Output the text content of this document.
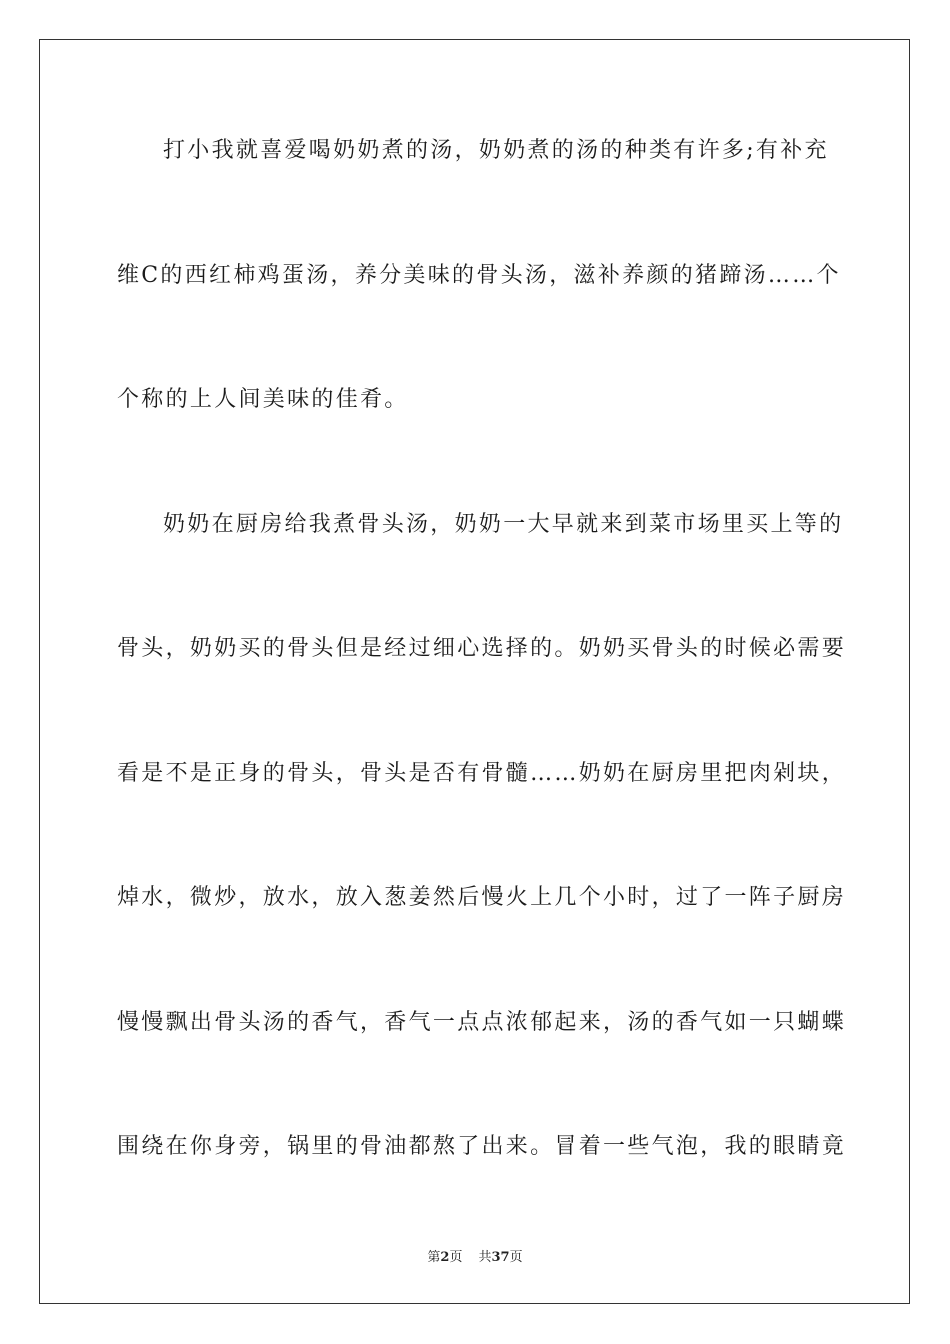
打小我就喜爱喝奶奶煮的汤，奶奶煮的汤的种类有许多;有补充
维C的西红柿鸡蛋汤，养分美味的骨头汤，滋补养颜的猪蹄汤……个
个称的上人间美味的佳肴。
奶奶在厨房给我煮骨头汤，奶奶一大早就来到菜市场里买上等的
骨头，奶奶买的骨头但是经过细心选择的。奶奶买骨头的时候必需要
看是不是正身的骨头，骨头是否有骨髓……奶奶在厨房里把肉剁块，
焯水，微炒，放水，放入葱姜然后慢火上几个小时，过了一阵子厨房
慢慢飘出骨头汤的香气，香气一点点浓郁起来，汤的香气如一只蝴蝶
围绕在你身旁，锅里的骨油都熬了出来。冒着一些气泡，我的眼睛竟
第2页 共37页
